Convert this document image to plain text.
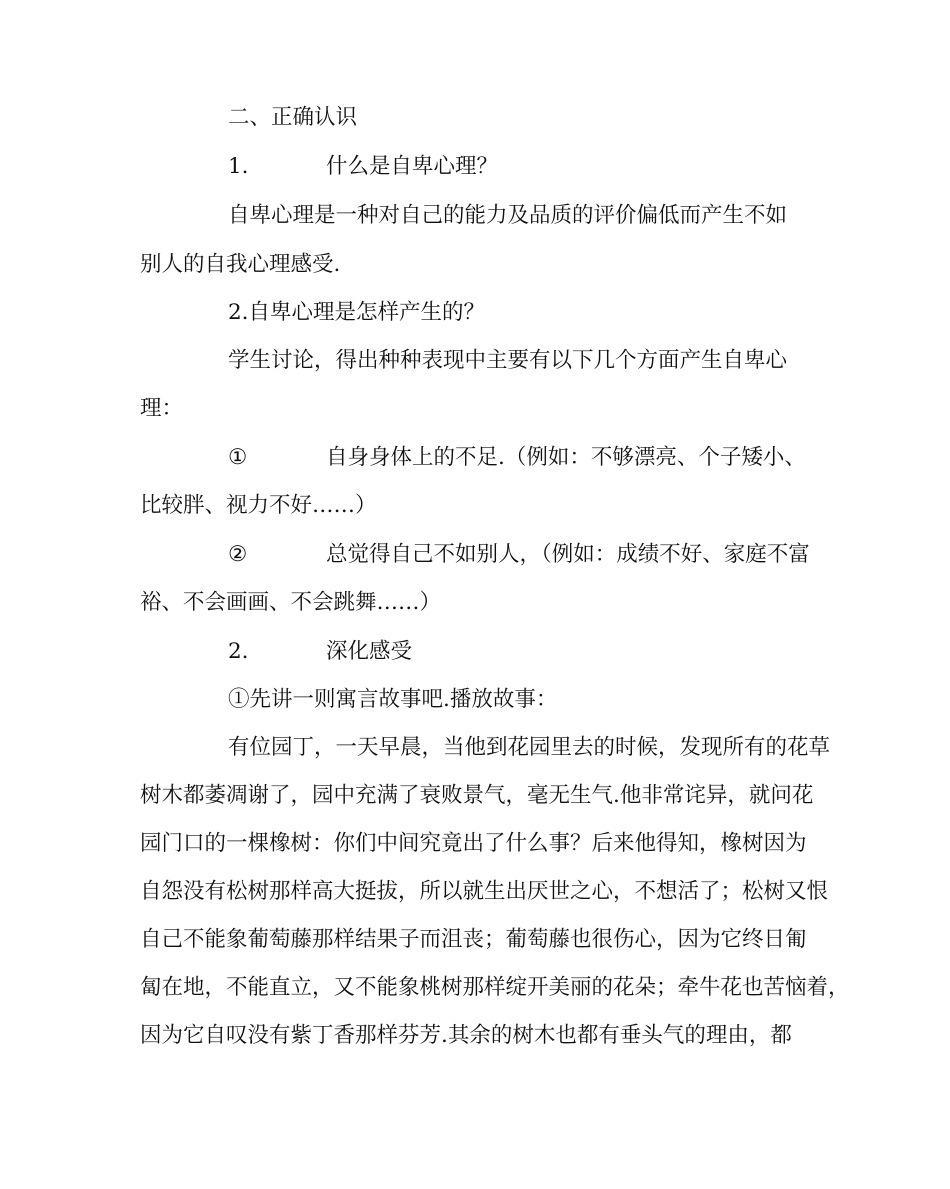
二、正确认识
1.	什么是自卑心理？
自卑心理是一种对自己的能力及品质的评价偏低而产生不如
别人的自我心理感受.
2.自卑心理是怎样产生的？
学生讨论，得出种种表现中主要有以下几个方面产生自卑心
理：
①	自身身体上的不足.（例如：不够漂亮、个子矮小、
比较胖、视力不好……）
②	总觉得自己不如别人，（例如：成绩不好、家庭不富
裕、不会画画、不会跳舞……）
2.	深化感受
①先讲一则寓言故事吧.播放故事：
有位园丁，一天早晨，当他到花园里去的时候，发现所有的花草
树木都萎凋谢了，园中充满了衰败景气，毫无生气.他非常诧异，就问花
园门口的一棵橡树：你们中间究竟出了什么事？后来他得知，橡树因为
自怨没有松树那样高大挺拔，所以就生出厌世之心，不想活了；松树又恨
自己不能象葡萄藤那样结果子而沮丧；葡萄藤也很伤心，因为它终日匍
匐在地，不能直立，又不能象桃树那样绽开美丽的花朵；牵牛花也苦恼着，
因为它自叹没有紫丁香那样芬芳.其余的树木也都有垂头气的理由，都
